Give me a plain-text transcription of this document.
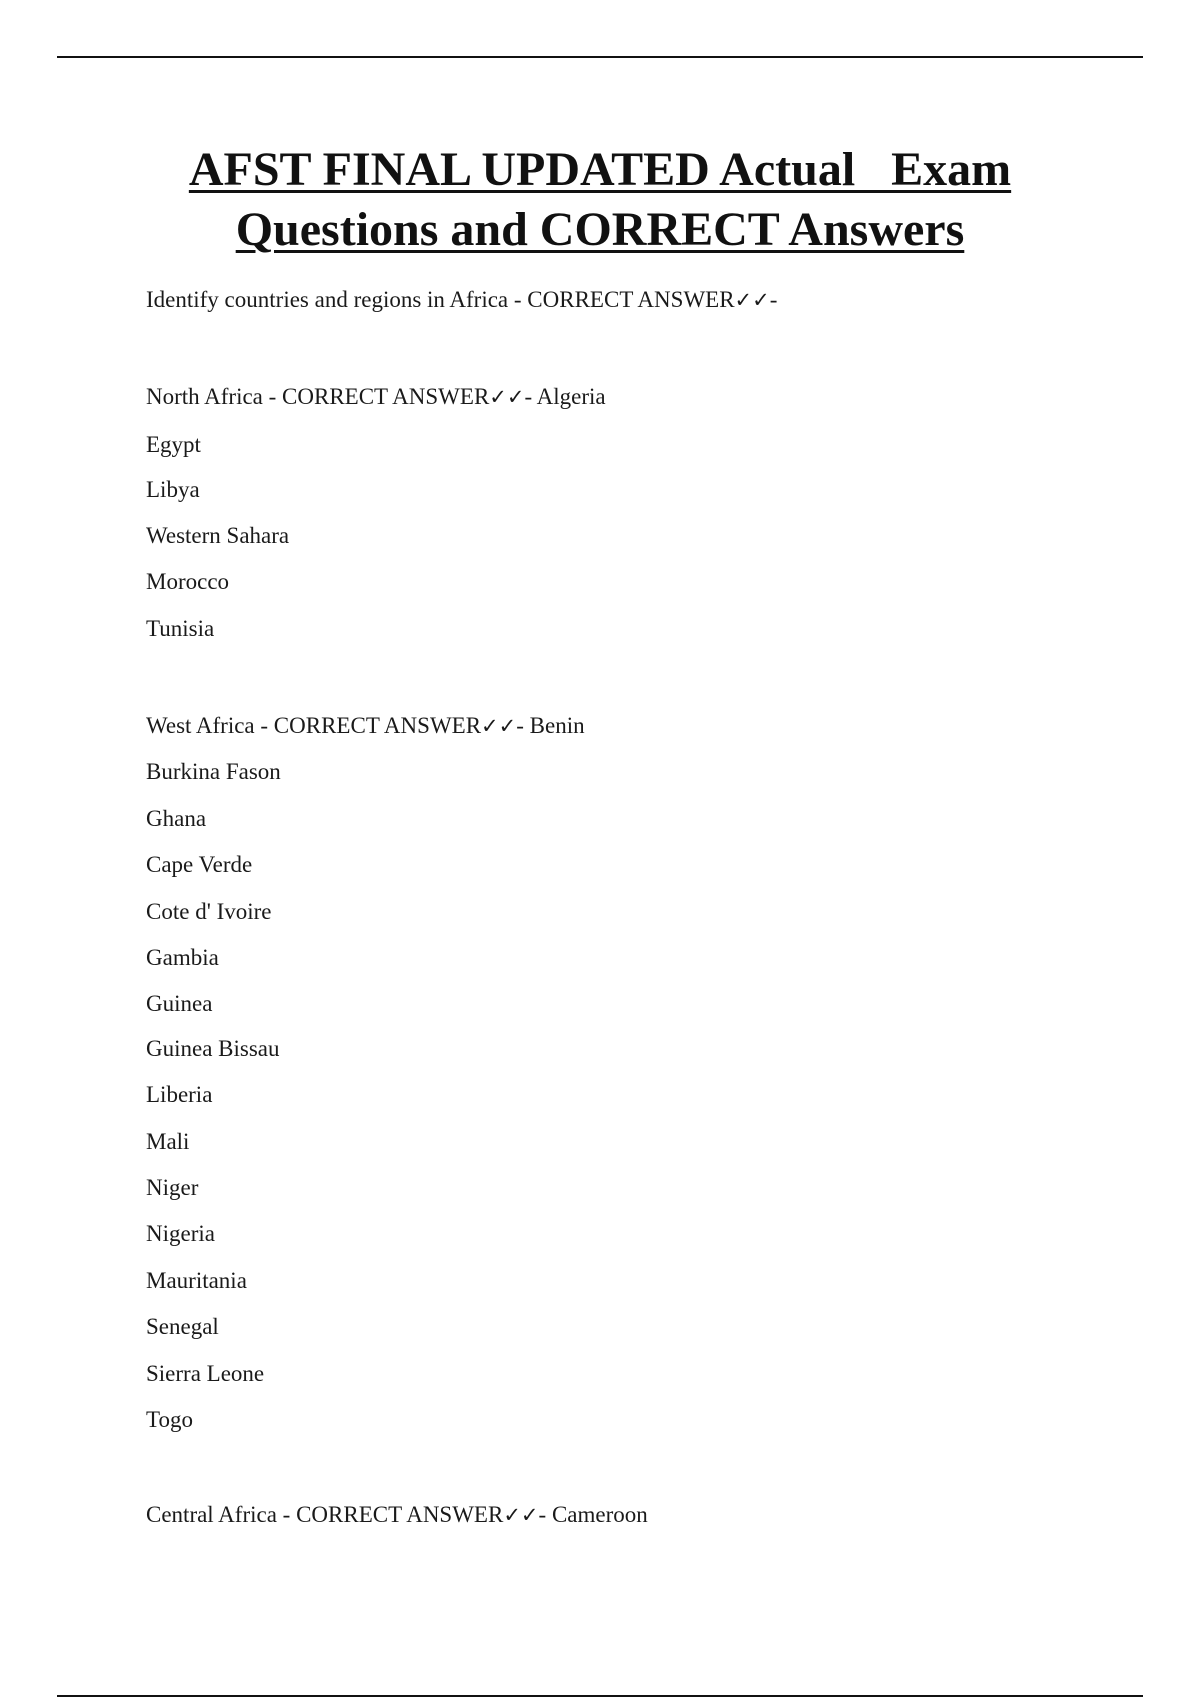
AFST FINAL UPDATED Actual   Exam
Questions and CORRECT Answers
Identify countries and regions in Africa - CORRECT ANSWER✓✓-
North Africa - CORRECT ANSWER✓✓- Algeria
Egypt
Libya
Western Sahara
Morocco
Tunisia
West Africa - CORRECT ANSWER✓✓- Benin
Burkina Fason
Ghana
Cape Verde
Cote d' Ivoire
Gambia
Guinea
Guinea Bissau
Liberia
Mali
Niger
Nigeria
Mauritania
Senegal
Sierra Leone
Togo
Central Africa - CORRECT ANSWER✓✓- Cameroon
